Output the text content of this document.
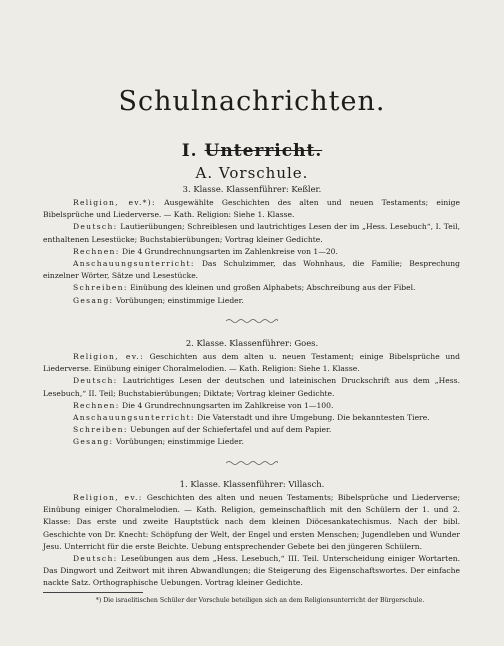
Schulnachrichten.
I. Unterricht.
A. Vorschule.
3. Klasse. Klassenführer: Keßler.

Religion, ev.*): Ausgewählte Geschichten des alten und neuen Testaments; einige Bibelsprüche und Liederverse. — Kath. Religion: Siehe 1. Klasse.

Deutsch: Lautierübungen; Schreiblesen und lautrichtiges Lesen der im „Hess. Lesebuch“, I. Teil, enthaltenen Lesestücke; Buchstabierübungen; Vortrag kleiner Gedichte.

Rechnen: Die 4 Grundrechnungsarten im Zahlenkreise von 1—20.

Anschauungsunterricht: Das Schulzimmer, das Wohnhaus, die Familie; Besprechung einzelner Wörter, Sätze und Lesestücke.

Schreiben: Einübung des kleinen und großen Alphabets; Abschreibung aus der Fibel.

Gesang: Vorübungen; einstimmige Lieder.

2. Klasse. Klassenführer: Goes.

Religion, ev.: Geschichten aus dem alten u. neuen Testament; einige Bibelsprüche und Liederverse. Einübung einiger Choralmelodien. — Kath. Religion: Siehe 1. Klasse.

Deutsch: Lautrichtiges Lesen der deutschen und lateinischen Druckschrift aus dem „Hess. Lesebuch,“ II. Teil; Buchstabierübungen; Diktate; Vortrag kleiner Gedichte.

Rechnen: Die 4 Grundrechnungsarten im Zahlkreise von 1—100.

Anschauungsunterricht: Die Vaterstadt und ihre Umgebung. Die bekanntesten Tiere.

Schreiben: Uebungen auf der Schiefertafel und auf dem Papier.

Gesang: Vorübungen; einstimmige Lieder.

1. Klasse. Klassenführer: Villasch.

Religion, ev.: Geschichten des alten und neuen Testaments; Bibelsprüche und Liederverse; Einübung einiger Choralmelodien. — Kath. Religion, gemeinschaftlich mit den Schülern der 1. und 2. Klasse: Das erste und zweite Hauptstück nach dem kleinen Diöcesankatechismus. Nach der bibl. Geschichte von Dr. Knecht: Schöpfung der Welt, der Engel und ersten Menschen; Jugendleben und Wunder Jesu. Unterricht für die erste Beichte. Uebung entsprechender Gebete bei den jüngeren Schülern.

Deutsch: Leseübungen aus dem „Hess. Lesebuch,“ III. Teil. Unterscheidung einiger Wortarten. Das Dingwort und Zeitwort mit ihren Abwandlungen; die Steigerung des Eigenschaftswortes. Der einfache nackte Satz. Orthographische Uebungen. Vortrag kleiner Gedichte.

*) Die israelitischen Schüler der Vorschule beteiligen sich an dem Religionsunterricht der Bürgerschule.
